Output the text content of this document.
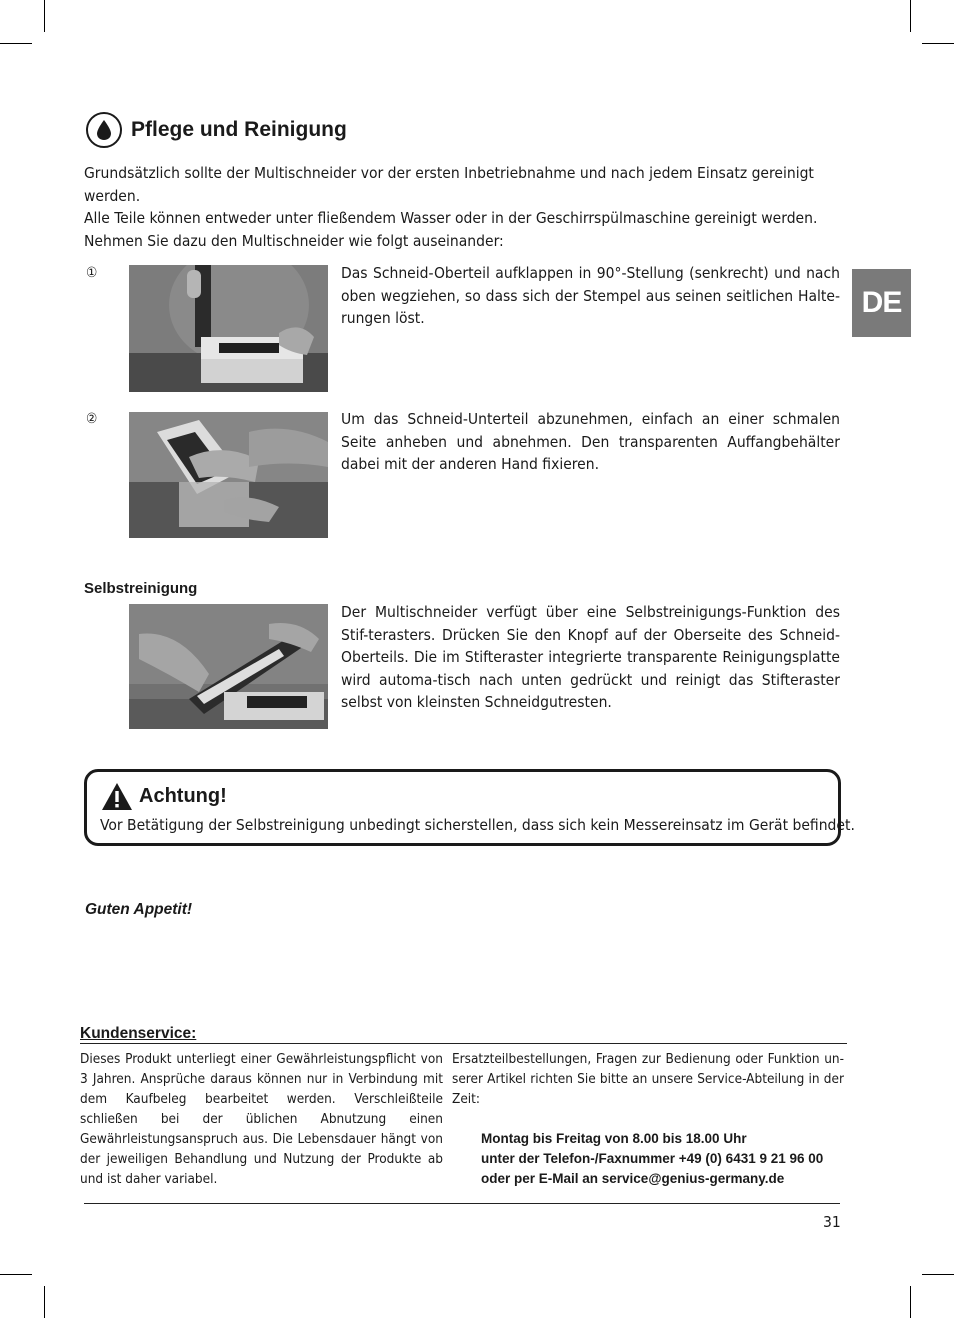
DE
Pflege und Reinigung

Grundsätzlich sollte der Multischneider vor der ersten Inbetriebnahme und nach jedem Einsatz gereinigt werden.

Alle Teile können entweder unter fließendem Wasser oder in der Geschirrspülmaschine gereinigt werden.

Nehmen Sie dazu den Multischneider wie folgt auseinander:

①	Das Schneid-Oberteil aufklappen in 90°-Stellung (senkrecht) und nach oben wegziehen, so dass sich der Stempel aus seinen seitlichen Halte-rungen löst.
②	Um das Schneid-Unterteil abzunehmen, einfach an einer schmalen Seite anheben und abnehmen. Den transparenten Auffangbehälter dabei mit der anderen Hand fixieren.
Selbstreinigung
Der Multischneider verfügt über eine Selbstreinigungs-Funktion des Stif-terasters. Drücken Sie den Knopf auf der Oberseite des Schneid-Oberteils. Die im Stifteraster integrierte transparente Reinigungsplatte wird automa-tisch nach unten gedrückt und reinigt das Stifteraster selbst von kleinsten Schneidgutresten.
Achtung!
Vor Betätigung der Selbstreinigung unbedingt sicherstellen, dass sich kein Messereinsatz im Gerät befindet.
Guten Appetit!
Kundenservice:
Dieses Produkt unterliegt einer Gewährleistungspflicht von 3 Jahren. Ansprüche daraus können nur in Verbindung mit dem Kaufbeleg bearbeitet werden. Verschleißteile schließen bei der üblichen Abnutzung einen Gewährleistungsanspruch aus. Die Lebensdauer hängt von der jeweiligen Behandlung und Nutzung der Produkte ab und ist daher variabel.
Ersatzteilbestellungen, Fragen zur Bedienung oder Funktion un-serer Artikel richten Sie bitte an unsere Service-Abteilung in der Zeit:
Montag bis Freitag von 8.00 bis 18.00 Uhr
unter der Telefon-/Faxnummer +49 (0) 6431 9 21 96 00
oder per E-Mail an service@genius-germany.de
31
